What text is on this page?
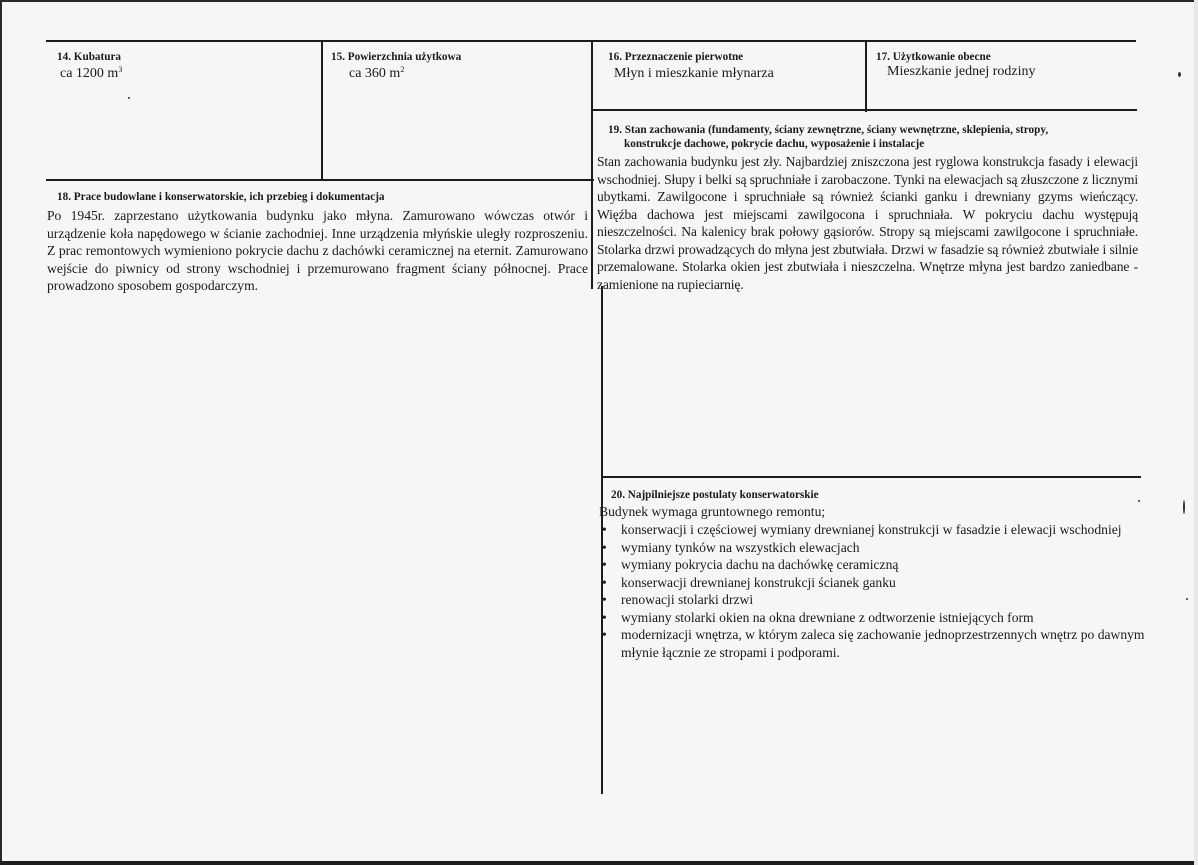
14. Kubatura
ca 1200 $m^3$
15. Powierzchnia użytkowa
ca 360 $m^2$
16. Przeznaczenie pierwotne
Młyn i mieszkanie młynarza
17. Użytkowanie obecne
Mieszkanie jednej rodziny
19. Stan zachowania (fundamenty, ściany zewnętrzne, ściany wewnętrzne, sklepienia, stropy,
konstrukcje dachowe, pokrycie dachu, wyposażenie i instalacje
Stan zachowania budynku jest zły. Najbardziej zniszczona jest ryglowa konstrukcja fasady i elewacji wschodniej. Słupy i belki są spruchniałe i zarobaczone. Tynki na elewacjach są złuszczone z licznymi ubytkami. Zawilgocone i spruchniałe są również ścianki ganku i drewniany gzyms wieńczący. Więźba dachowa jest miejscami zawilgocona i spruchniała. W pokryciu dachu występują nieszczelności. Na kalenicy brak połowy gąsiorów. Stropy są miejscami zawilgocone i spruchniałe. Stolarka drzwi prowadzących do młyna jest zbutwiała. Drzwi w fasadzie są również zbutwiałe i silnie przemalowane. Stolarka okien jest zbutwiała i nieszczelna. Wnętrze młyna jest bardzo zaniedbane - zamienione na rupieciarnię.
18. Prace budowlane i konserwatorskie, ich przebieg i dokumentacja
Po 1945r. zaprzestano użytkowania budynku jako młyna. Zamurowano wówczas otwór i urządzenie koła napędowego w ścianie zachodniej. Inne urządzenia młyńskie uległy rozproszeniu. Z prac remontowych wymieniono pokrycie dachu z dachówki ceramicznej na eternit. Zamurowano wejście do piwnicy od strony wschodniej i przemurowano fragment ściany północnej. Prace prowadzono sposobem gospodarczym.
20. Najpilniejsze postulaty konserwatorskie
Budynek wymaga gruntownego remontu;
• konserwacji i częściowej wymiany drewnianej konstrukcji w fasadzie i elewacji wschodniej
• wymiany tynków na wszystkich elewacjach
• wymiany pokrycia dachu na dachówkę ceramiczną
• konserwacji drewnianej konstrukcji ścianek ganku
• renowacji stolarki drzwi
• wymiany stolarki okien na okna drewniane z odtworzenie istniejących form
• modernizacji wnętrza, w którym zaleca się zachowanie jednoprzestrzennych wnętrz po dawnym młynie łącznie ze stropami i podporami.
